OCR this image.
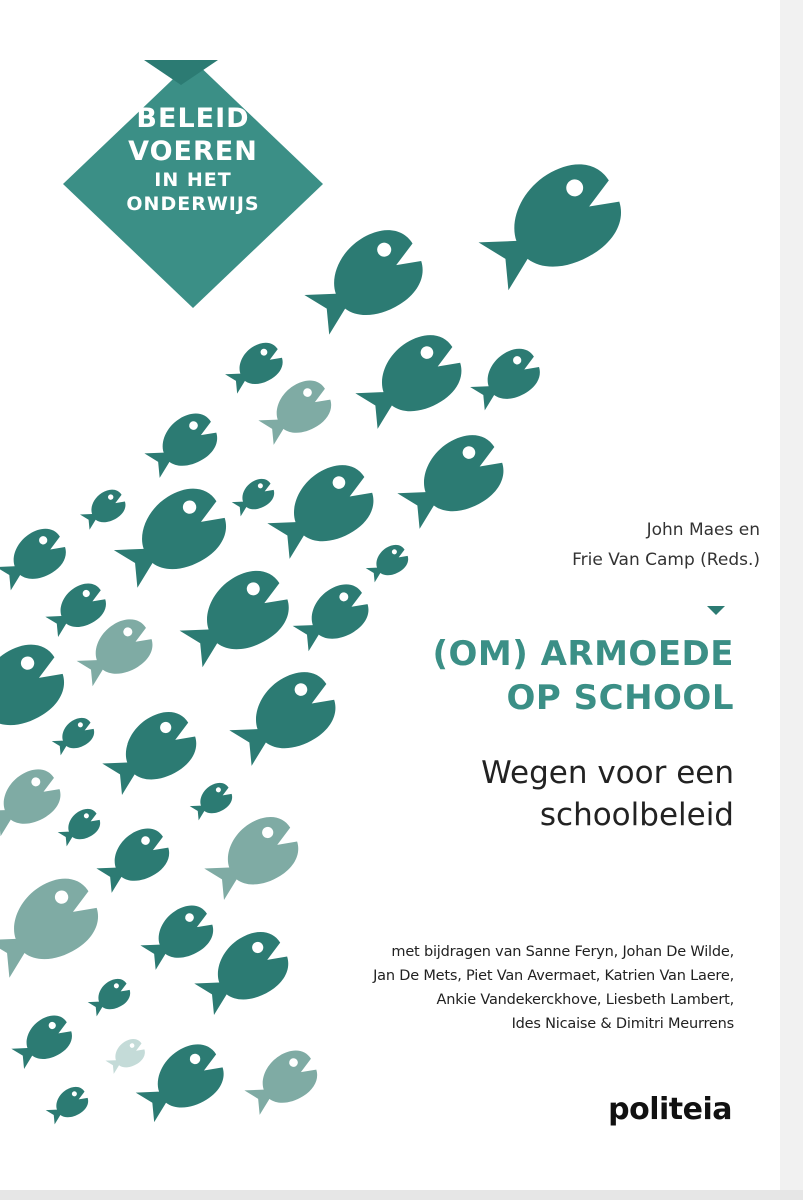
BELEID
VOEREN
IN HET
ONDERWIJS
John Maes en
Frie Van Camp (Reds.)
(OM) ARMOEDE
OP SCHOOL
Wegen voor een
schoolbeleid
met bijdragen van Sanne Feryn, Johan De Wilde,
Jan De Mets, Piet Van Avermaet, Katrien Van Laere,
Ankie Vandekerckhove, Liesbeth Lambert,
Ides Nicaise & Dimitri Meurrens
politeia
